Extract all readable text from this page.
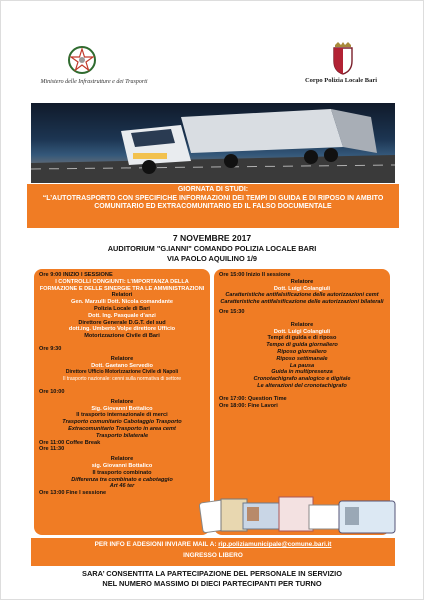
Ministero delle Infrastrutture e dei Trasporti	Corpo Polizia Locale Bari
GIORNATA DI STUDI:
“L’AUTOTRASPORTO CON SPECIFICHE INFORMAZIONI DEI TEMPI DI GUIDA E DI RIPOSO IN AMBITO COMUNITARIO ED EXTRACOMUNITARIO ED IL FALSO DOCUMENTALE
7 NOVEMBRE 2017
AUDITORIUM "G.IANNI" COMANDO POLIZIA LOCALE BARI
VIA PAOLO AQUILINO 1/9
Ore 9:00 INIZIO I SESSIONE
I CONTROLLI CONGIUNTI: L’IMPORTANZA DELLA FORMAZIONE E DELLE SINERGIE TRA LE AMMINISTRAZIONI
Relatori
Gen. Marzulli Dott. Nicola comandante
Polizia Locale di Bari
Dott. Ing. Pasquale d’anzi
Direttore Generale D.G.T. del sud
dott.ing. Umberto Volpe direttore Ufficio
Motorizzazione Civile di Bari
Ore 9:30
Relatore
Dott. Gaetano Servedio
Direttore Ufficio Motorizzazione Civile di Napoli
Il trasporto nazionale: cenni sulla normativa di settore
Ore 10:00
Relatore
Sig. Giovanni Bottalico
Il trasporto internazionale di merci
Trasporto comunitario Cabotaggio Trasporto
Extracomunitario Trasporto in area cemt
Trasporto bilaterale
Ore 11:00 Coffee Break
Ore 11:30
Relatore
sig. Giovanni Bottalico
Il trasporto combinato
Differenza tra combinato e cabotaggio
Art 46 ter
Ore 13:00 Fine I sessione
Ore 15:00 Inizio II sessione
Relatore
Dott. Luigi Colangiuli
Caratteristiche antifalsificazione delle autorizzazioni cemt
Caratteristiche antifalsificazione delle autorizzazioni bilaterali
Ore 15:30
Relatore
Dott. Luigi Colangiuli
Tempi di guida e di riposo
Tempo di guida giornaliero
Riposo giornaliero
Riposo settimanale
La pausa
Guida in multipresenza
Cronotachigrafo analogico e digitale
Le alterazioni del cronotachigrafo
Ore 17:00: Question Time
Ore 18:00: Fine Lavori
PER INFO E ADESIONI INVIARE MAIL A: rip.poliziamunicipale@comune.bari.it
INGRESSO LIBERO
SARA’ CONSENTITA LA PARTECIPAZIONE DEL PERSONALE IN SERVIZIO
NEL NUMERO MASSIMO DI DIECI PARTECIPANTI PER TURNO
